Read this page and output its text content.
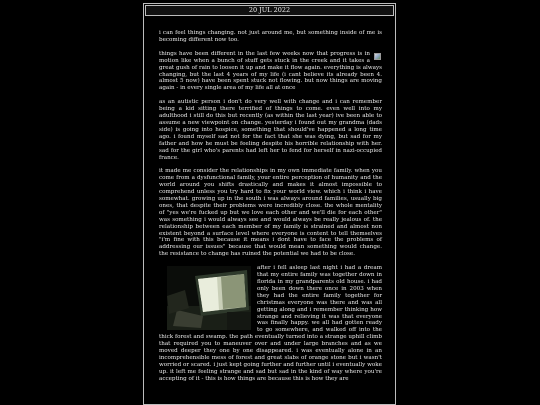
20 JUL 2022

i can feel things changing. not just around me, but something inside of me is becoming different now too.

things have been different in the last few weeks now that progress is in motion like when a bunch of stuff gets stuck in the creek and it takes a great gush of rain to loosen it up and make it flow again. everything is always changing, but the last 4 years of my life (i cant believe its already been 4. almost 5 now) have been spent stuck not flowing. but now things are moving again - in every single area of my life all at once

as an autistic person i don't do very well with change and i can remember being a kid sitting there terrified of things to come. even well into my adulthood i still do this but recently (as within the last year) ive been able to assume a new viewpoint on change. yesterday i found out my grandma (dads side) is going into hospice, something that should've happened a long time ago. i found myself sad not for the fact that she was dying, but sad for my father and how he must be feeling despite his horrible relationship with her. sad for the girl who's parents had left her to fend for herself in nazi-occupied france.

it made me consider the relationships in my own immediate family. when you come from a dysfunctional family, your entire perception of humanity and the world around you shifts drastically and makes it almost impossible to comprehend unless you try hard to fix your world view. which i think i have somewhat. growing up in the south i was always around families, usually big ones, that despite their problems were incredibly close. the whole mentality of "yes we're fucked up but we love each other and we'll die for each other" was something i would always see and would always be really jealous of. the relationship between each member of my family is strained and almost non existent beyond a surface level where everyone is content to tell themselves "i'm fine with this because it means i dont have to face the problems of addressing our issues" because that would mean something would change. the resistance to change has ruined the potential we had to be close.

after i fell asleep last night i had a dream that my entire family was together down in florida in my grandparents old house. i had only been down there once in 2003 when they had the entire family together for christmas everyone was there and was all getting along and i remember thinking how strange and relieving it was that everyone was finally happy. we all had gotten ready to go somewhere, and walked off into the thick forest and swamp. the path eventually turned into a strange uphill climb that required you to maneuver over and under large branches and as we moved deeper they one by one disappeared. i was eventually alone in an incomprehensible mess of forest and great slabs of orange stone but i wasn't worried or scared. i just kept going further and further until i eventually woke up. it left me feeling strange and sad but sad in the kind of way where you're accepting of it - this is how things are because this is how they are
